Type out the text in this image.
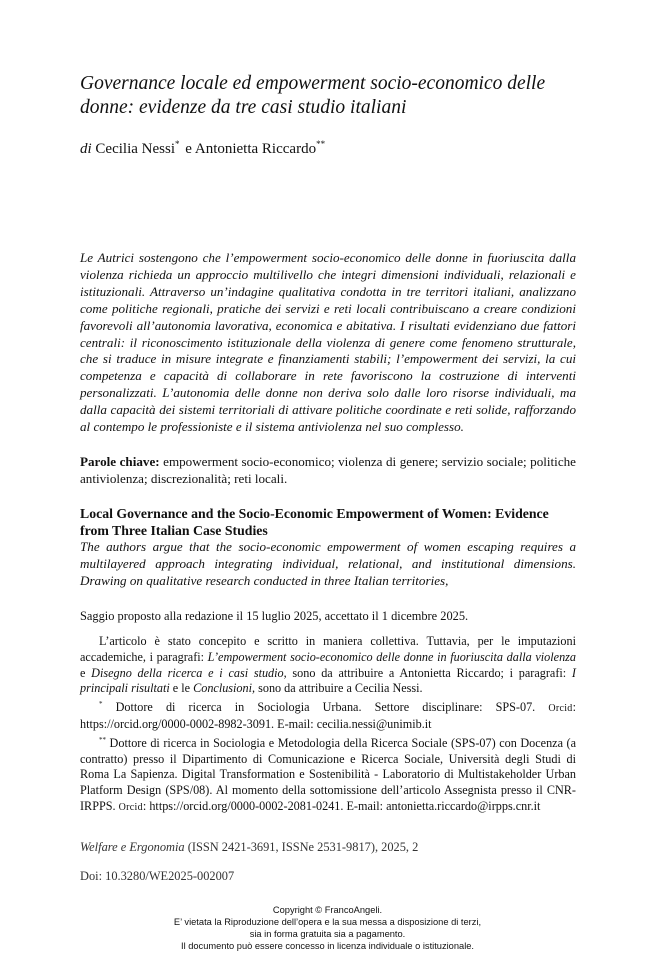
Governance locale ed empowerment socio-economico delle donne: evidenze da tre casi studio italiani
di Cecilia Nessi* e Antonietta Riccardo**
Le Autrici sostengono che l’empowerment socio-economico delle donne in fuoriuscita dalla violenza richieda un approccio multilivello che integri dimensioni individuali, relazionali e istituzionali. Attraverso un’indagine qualitativa condotta in tre territori italiani, analizzano come politiche regionali, pratiche dei servizi e reti locali contribuiscano a creare condizioni favorevoli all’autonomia lavorativa, economica e abitativa. I risultati evidenziano due fattori centrali: il riconoscimento istituzionale della violenza di genere come fenomeno strutturale, che si traduce in misure integrate e finanziamenti stabili; l’empowerment dei servizi, la cui competenza e capacità di collaborare in rete favoriscono la costruzione di interventi personalizzati. L’autonomia delle donne non deriva solo dalle loro risorse individuali, ma dalla capacità dei sistemi territoriali di attivare politiche coordinate e reti solide, rafforzando al contempo le professioniste e il sistema antiviolenza nel suo complesso.
Parole chiave: empowerment socio-economico; violenza di genere; servizio sociale; politiche antiviolenza; discrezionalità; reti locali.
Local Governance and the Socio-Economic Empowerment of Women: Evidence from Three Italian Case Studies
The authors argue that the socio-economic empowerment of women escaping requires a multilayered approach integrating individual, relational, and institutional dimensions. Drawing on qualitative research conducted in three Italian territories,
Saggio proposto alla redazione il 15 luglio 2025, accettato il 1 dicembre 2025.

L’articolo è stato concepito e scritto in maniera collettiva. Tuttavia, per le imputazioni accademiche, i paragrafi: L’empowerment socio-economico delle donne in fuoriuscita dalla violenza e Disegno della ricerca e i casi studio, sono da attribuire a Antonietta Riccardo; i paragrafi: I principali risultati e le Conclusioni, sono da attribuire a Cecilia Nessi.

* Dottore di ricerca in Sociologia Urbana. Settore disciplinare: SPS-07. Orcid: https://orcid.org/0000-0002-8982-3091. E-mail: cecilia.nessi@unimib.it

** Dottore di ricerca in Sociologia e Metodologia della Ricerca Sociale (SPS-07) con Docenza (a contratto) presso il Dipartimento di Comunicazione e Ricerca Sociale, Università degli Studi di Roma La Sapienza. Digital Transformation e Sostenibilità - Laboratorio di Multistakeholder Urban Platform Design (SPS/08). Al momento della sottomissione dell’articolo Assegnista presso il CNR-IRPPS. Orcid: https://orcid.org/0000-0002-2081-0241. E-mail: antonietta.riccardo@irpps.cnr.it

Welfare e Ergonomia (ISSN 2421-3691, ISSNe 2531-9817), 2025, 2
Doi: 10.3280/WE2025-002007
Copyright © FrancoAngeli.
E’ vietata la Riproduzione dell’opera e la sua messa a disposizione di terzi,
sia in forma gratuita sia a pagamento.
Il documento può essere concesso in licenza individuale o istituzionale.
